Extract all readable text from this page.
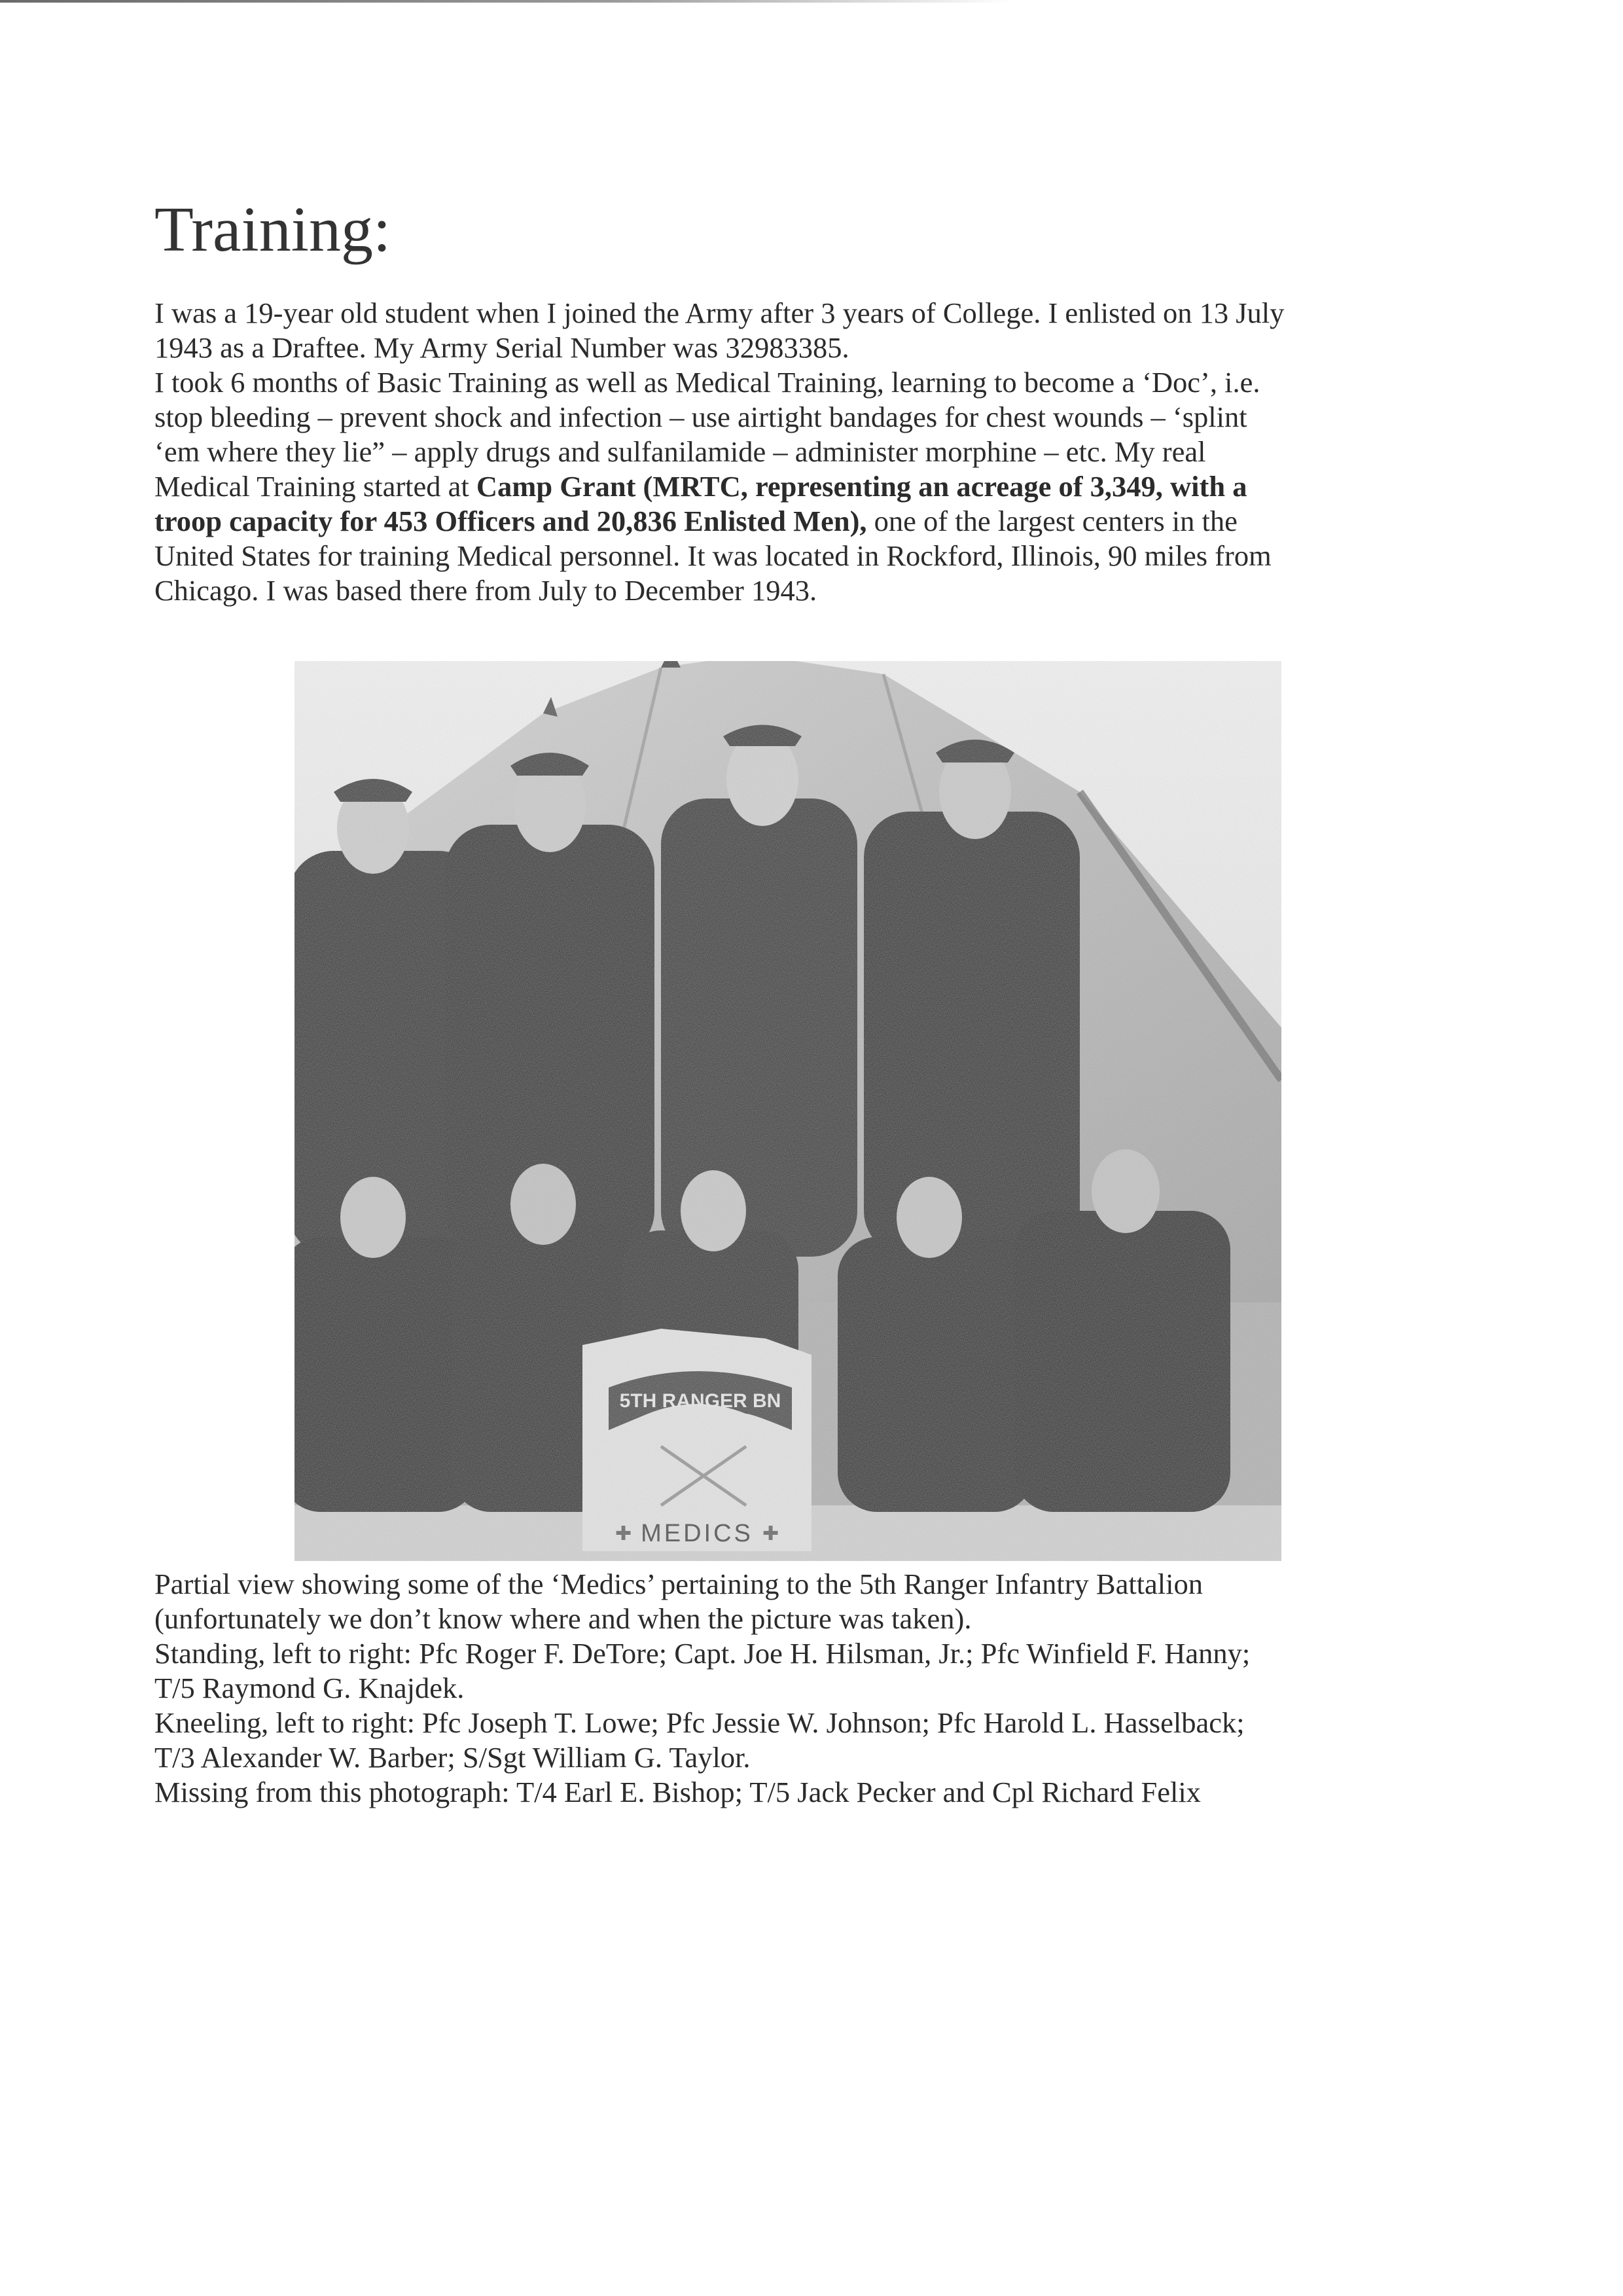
Training:
I was a 19-year old student when I joined the Army after 3 years of College. I enlisted on 13 July
1943 as a Draftee. My Army Serial Number was 32983385.
I took 6 months of Basic Training as well as Medical Training, learning to become a ‘Doc’, i.e.
stop bleeding – prevent shock and infection – use airtight bandages for chest wounds – ‘splint
‘em where they lie” – apply drugs and sulfanilamide – administer morphine – etc. My real
Medical Training started at Camp Grant (MRTC, representing an acreage of 3,349, with a
troop capacity for 453 Officers and 20,836 Enlisted Men), one of the largest centers in the
United States for training Medical personnel. It was located in Rockford, Illinois, 90 miles from
Chicago. I was based there from July to December 1943.
5TH RANGER BN
MEDICS
✚	✚
Partial view showing some of the ‘Medics’ pertaining to the 5th Ranger Infantry Battalion
(unfortunately we don’t know where and when the picture was taken).
Standing, left to right: Pfc Roger F. DeTore; Capt. Joe H. Hilsman, Jr.; Pfc Winfield F. Hanny;
T/5 Raymond G. Knajdek.
Kneeling, left to right: Pfc Joseph T. Lowe; Pfc Jessie W. Johnson; Pfc Harold L. Hasselback;
T/3 Alexander W. Barber; S/Sgt William G. Taylor.
Missing from this photograph: T/4 Earl E. Bishop; T/5 Jack Pecker and Cpl Richard Felix
